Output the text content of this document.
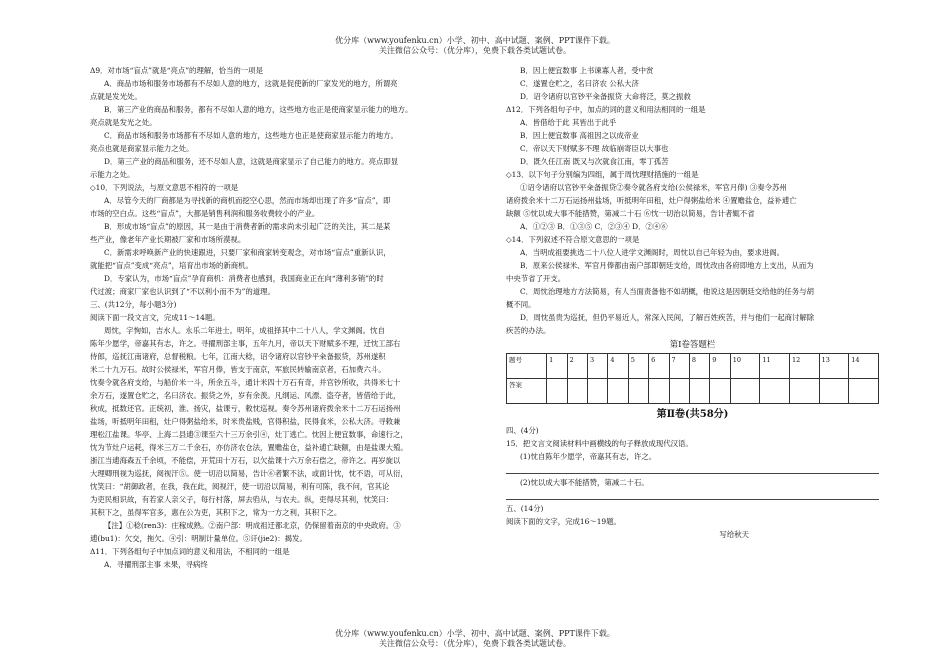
优分库（www.youfenku.cn）小学、初中、高中试题、案例、PPT课件下载。
关注微信公众号：（优分库），免费下载各类试题试卷。

Δ9．对市场“盲点”就是“亮点”的理解，恰当的一项是

A．商品市场和服务市场都有不尽如人意的地方，这就是促使新的厂家发光的地方，所谓亮

点就是发光处。

B．第三产业的商品和服务，都有不尽如人意的地方，这些地方也正是使商家显示能力的地方。

亮点就是发光之处。

C．商品市场和服务市场都有不尽如人意的地方，这些地方也正是使商家显示能力的地方。

亮点也就是商家显示能力之处。

D．第三产业的商品和服务，还不尽如人意，这就是商家显示了自己能力的地方。亮点即显

示能力之处。

◇10．下列说法，与原文意思不相符的一项是

A．尽管今天的厂商都是为寻找新的商机而挖空心思，然而市场却出现了许多“盲点”，即

市场的空白点。这些“盲点”，大都是销售利润和服务收费较小的产业。

B．形成市场“盲点”的原因，其一是由于消费者新的需求尚未引起广泛的关注，其二是某

些产业，像老年产业长期被厂家和市场所漠视。

C．新需求呼唤新产业的快速跟进，只要厂家和商家转变观念，对市场“盲点”重新认识，

就能把“盲点”变成“亮点”，培育出市场的新商机。

D．专家认为，市场“盲点”孕育商机：消费者也感到，我国商业正在向“薄利多销”的时

代过渡；商家厂家也认识到了“不以利小而不为”的道理。

三、(共12分，每小题3分)

阅读下面一段文言文，完成11～14题。

周忱，字恂如，吉水人。永乐二年进士。明年，成祖择其中二十八人，学文渊阁。忱自

陈年少愿学，帝嘉其有志，许之。寻擢刑部主事，五年九月，帝以天下财赋多不理，迁忱工部右

侍郎，巡抚江南诸府，总督税粮。七年，江南大稔，诏令诸府以官钞平籴备振贷，苏州遂积

米二十九万石。故时公侯禄米，军官月俸，皆支于南京，军旅民转输南京者，石加费六斗。

忱奏令就各府支给，与船价米一斗，所余五斗，通计米四十万石有奇，并官钞所收，共得米七十

余万石，遂置仓贮之，名曰济农。振贷之外，岁有余羡。凡纲运、风漂、盗夺者，皆借给于此，

秋成，抵数还官。正统初，淮、扬灾，盐课亏，敕忱巡视。奏令苏州诸府拨余米十二万石运扬州

盐场，听抵明年田租，灶户得粥盐给米，时米贵盐贱，官得积盐，民得食米，公私大济。寻敕兼

理松江盐课。华亭、上海二县逋③课至六十三万余引④，灶丁逃亡。忱因上便宜数事，命速行之，

忱为节灶户运耗，得米三万二千余石，亦仿济农仓法，置赡盐仓，益补逋亡缺额，由是盐课大殖。

浙江当逋海森五千余顷，不能偿，开荒田十万石，以欠盐课十六万余石偿之，帝许之。再岁旋以

大理卿刑视为巡抚，阅视汗⑤。使一切沿以简易，告计⑥者繁不法，或面计忱，忱不语，可从衍，

忱笑曰：“胡御政者，在我，我在此，阅视汗，使一切沿以简易，利有可陈，我不问，官其论

为吏民相识故，有若家人亲父子，每行村落，屏去驺从，与农夫。纵，吏得尽其利，忱笑曰：

其积下之，虽得军官多，惠在公为吏，其积下之，常为一方之利，其积下之。

【注】①稔(ren3)：庄稼成熟。②南户部：明成祖迁都北京，仍保留着南京的中央政府。③

逋(bu1)：欠交，拖欠。④引：明制计量单位。⑤讦(jie2)：揭发。

Δ11．下列各组句子中加点词的意义和用法，不相同的一组是

A．寻擢刑部主事 未果，寻病终

B．因上便宜数事 上书谏寡人者，受中赏

C．遂置仓贮之，名曰济农 公私大济

D．诏令诸府以官钞平籴备振贷 大命将泛，莫之振救

Δ12．下列各组句子中，加点的词的意义和用法相同的一组是

A．皆借给于此 其皆出于此乎

B．因上便宜数事 高祖因之以成帝业

C．帝以天下财赋多不理 故临崩寄臣以大事也

D．既久任江南 既又与次就食江南，零丁孤苦

◇13．以下句子分别编为四组，属于周忱理财措施的一组是

①诏令诸府以官钞平籴备振贷②奏令就各府支给(公侯禄米，军官月俸) ③奏令苏州

诸府拨余米十二万石运扬州盐场，听抵明年田租，灶户得粥盐给米 ④置赡盐仓，益补逋亡

缺额 ⑤忱以成大事不能措赞，第减二十石 ⑥忱一切治以简易，告计者辄不省

A．①②③ B．①③⑤ C．②③④ D．②④⑥

◇14．下列叙述不符合原文意思的一项是

A．当明成祖要挑选二十八位人进学文渊阁时，周忱以自己年轻为由，要求进阁。

B．原来公侯禄米、军官月俸都由南户部即朝廷支给，周忱改由各府即地方上支出，从而为

中央节省了开支。

C．周忱治理地方方法简易，有人当面责备他不如胡概，他说这是因朝廷交给他的任务与胡

概不同。

D．周忱虽贵为巡抚，但仍平易近人，常深入民间，了解百姓疾苦，并与他们一起商讨解除

疾苦的办法。

第Ⅰ卷答题栏
题号	1	2	3	4	5	6	7	8	9	10	11	12	13	14
答案														
第Ⅱ卷(共58分)

四、(4分)

15．把文言文阅读材料中画横线的句子释放成现代汉语。

(1)忱自陈年少愿学，帝嘉其有志，许之。

(2)忱以成大事不能措赞，第减二十石。

五、(14分)

阅读下面的文字，完成16～19题。

写给秋天

优分库（www.youfenku.cn）小学、初中、高中试题、案例、PPT课件下载。
关注微信公众号：（优分库），免费下载各类试题试卷。
